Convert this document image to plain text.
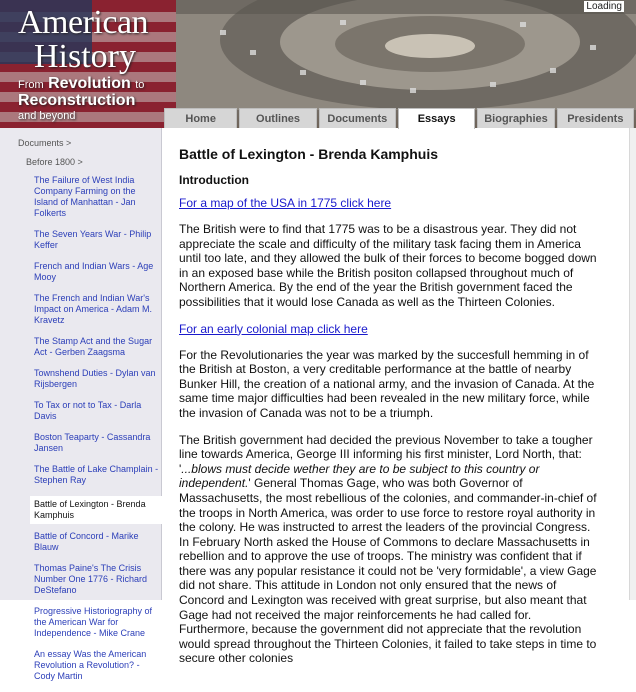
American
History
From Revolution to
Reconstruction
and beyond
Loading
Home	Outlines	Documents	Essays	Biographies	Presidents
Documents >
Before 1800 >
The Failure of West India Company Farming on the Island of Manhattan - Jan Folkerts
The Seven Years War - Philip Keffer
French and Indian Wars - Age Mooy
The French and Indian War's Impact on America - Adam M. Kravetz
The Stamp Act and the Sugar Act - Gerben Zaagsma
Townshend Duties - Dylan van Rijsbergen
To Tax or not to Tax - Darla Davis
Boston Teaparty - Cassandra Jansen
The Battle of Lake Champlain - Stephen Ray
Battle of Lexington - Brenda Kamphuis
Battle of Concord - Marike Blauw
Thomas Paine's The Crisis Number One 1776 - Richard DeStefano
Progressive Historiography of the American War for Independence - Mike Crane
An essay Was the American Revolution a Revolution? - Cody Martin
Battle of Lexington - Brenda Kamphuis
Introduction
For a map of the USA in 1775 click here

The British were to find that 1775 was to be a disastrous year. They did not appreciate the scale and difficulty of the military task facing them in America until too late, and they allowed the bulk of their forces to become bogged down in an exposed base while the British positon collapsed throughout much of Northern America. By the end of the year the British government faced the possibilities that it would lose Canada as well as the Thirteen Colonies.

For an early colonial map click here

For the Revolutionaries the year was marked by the succesfull hemming in of the British at Boston, a very creditable performance at the battle of nearby Bunker Hill, the creation of a national army, and the invasion of Canada. At the same time major difficulties had been revealed in the new military force, while the invasion of Canada was not to be a triumph.

The British government had decided the previous November to take a tougher line towards America, George III informing his first minister, Lord North, that: '...blows must decide wether they are to be subject to this country or independent.' General Thomas Gage, who was both Governor of Massachusetts, the most rebellious of the colonies, and commander-in-chief of the troops in North America, was order to use force to restore royal authority in the colony. He was instructed to arrest the leaders of the provincial Congress. In February North asked the House of Commons to declare Massachusetts in rebellion and to approve the use of troops. The ministry was confident that if there was any popular resistance it could not be 'very formidable', a view Gage did not share. This attitude in London not only ensured that the news of Concord and Lexington was received with great surprise, but also meant that Gage had not received the major reinforcements he had called for. Furthermore, because the government did not appreciate that the revolution would spread throughout the Thirteen Colonies, it failed to take steps in time to secure other colonies
